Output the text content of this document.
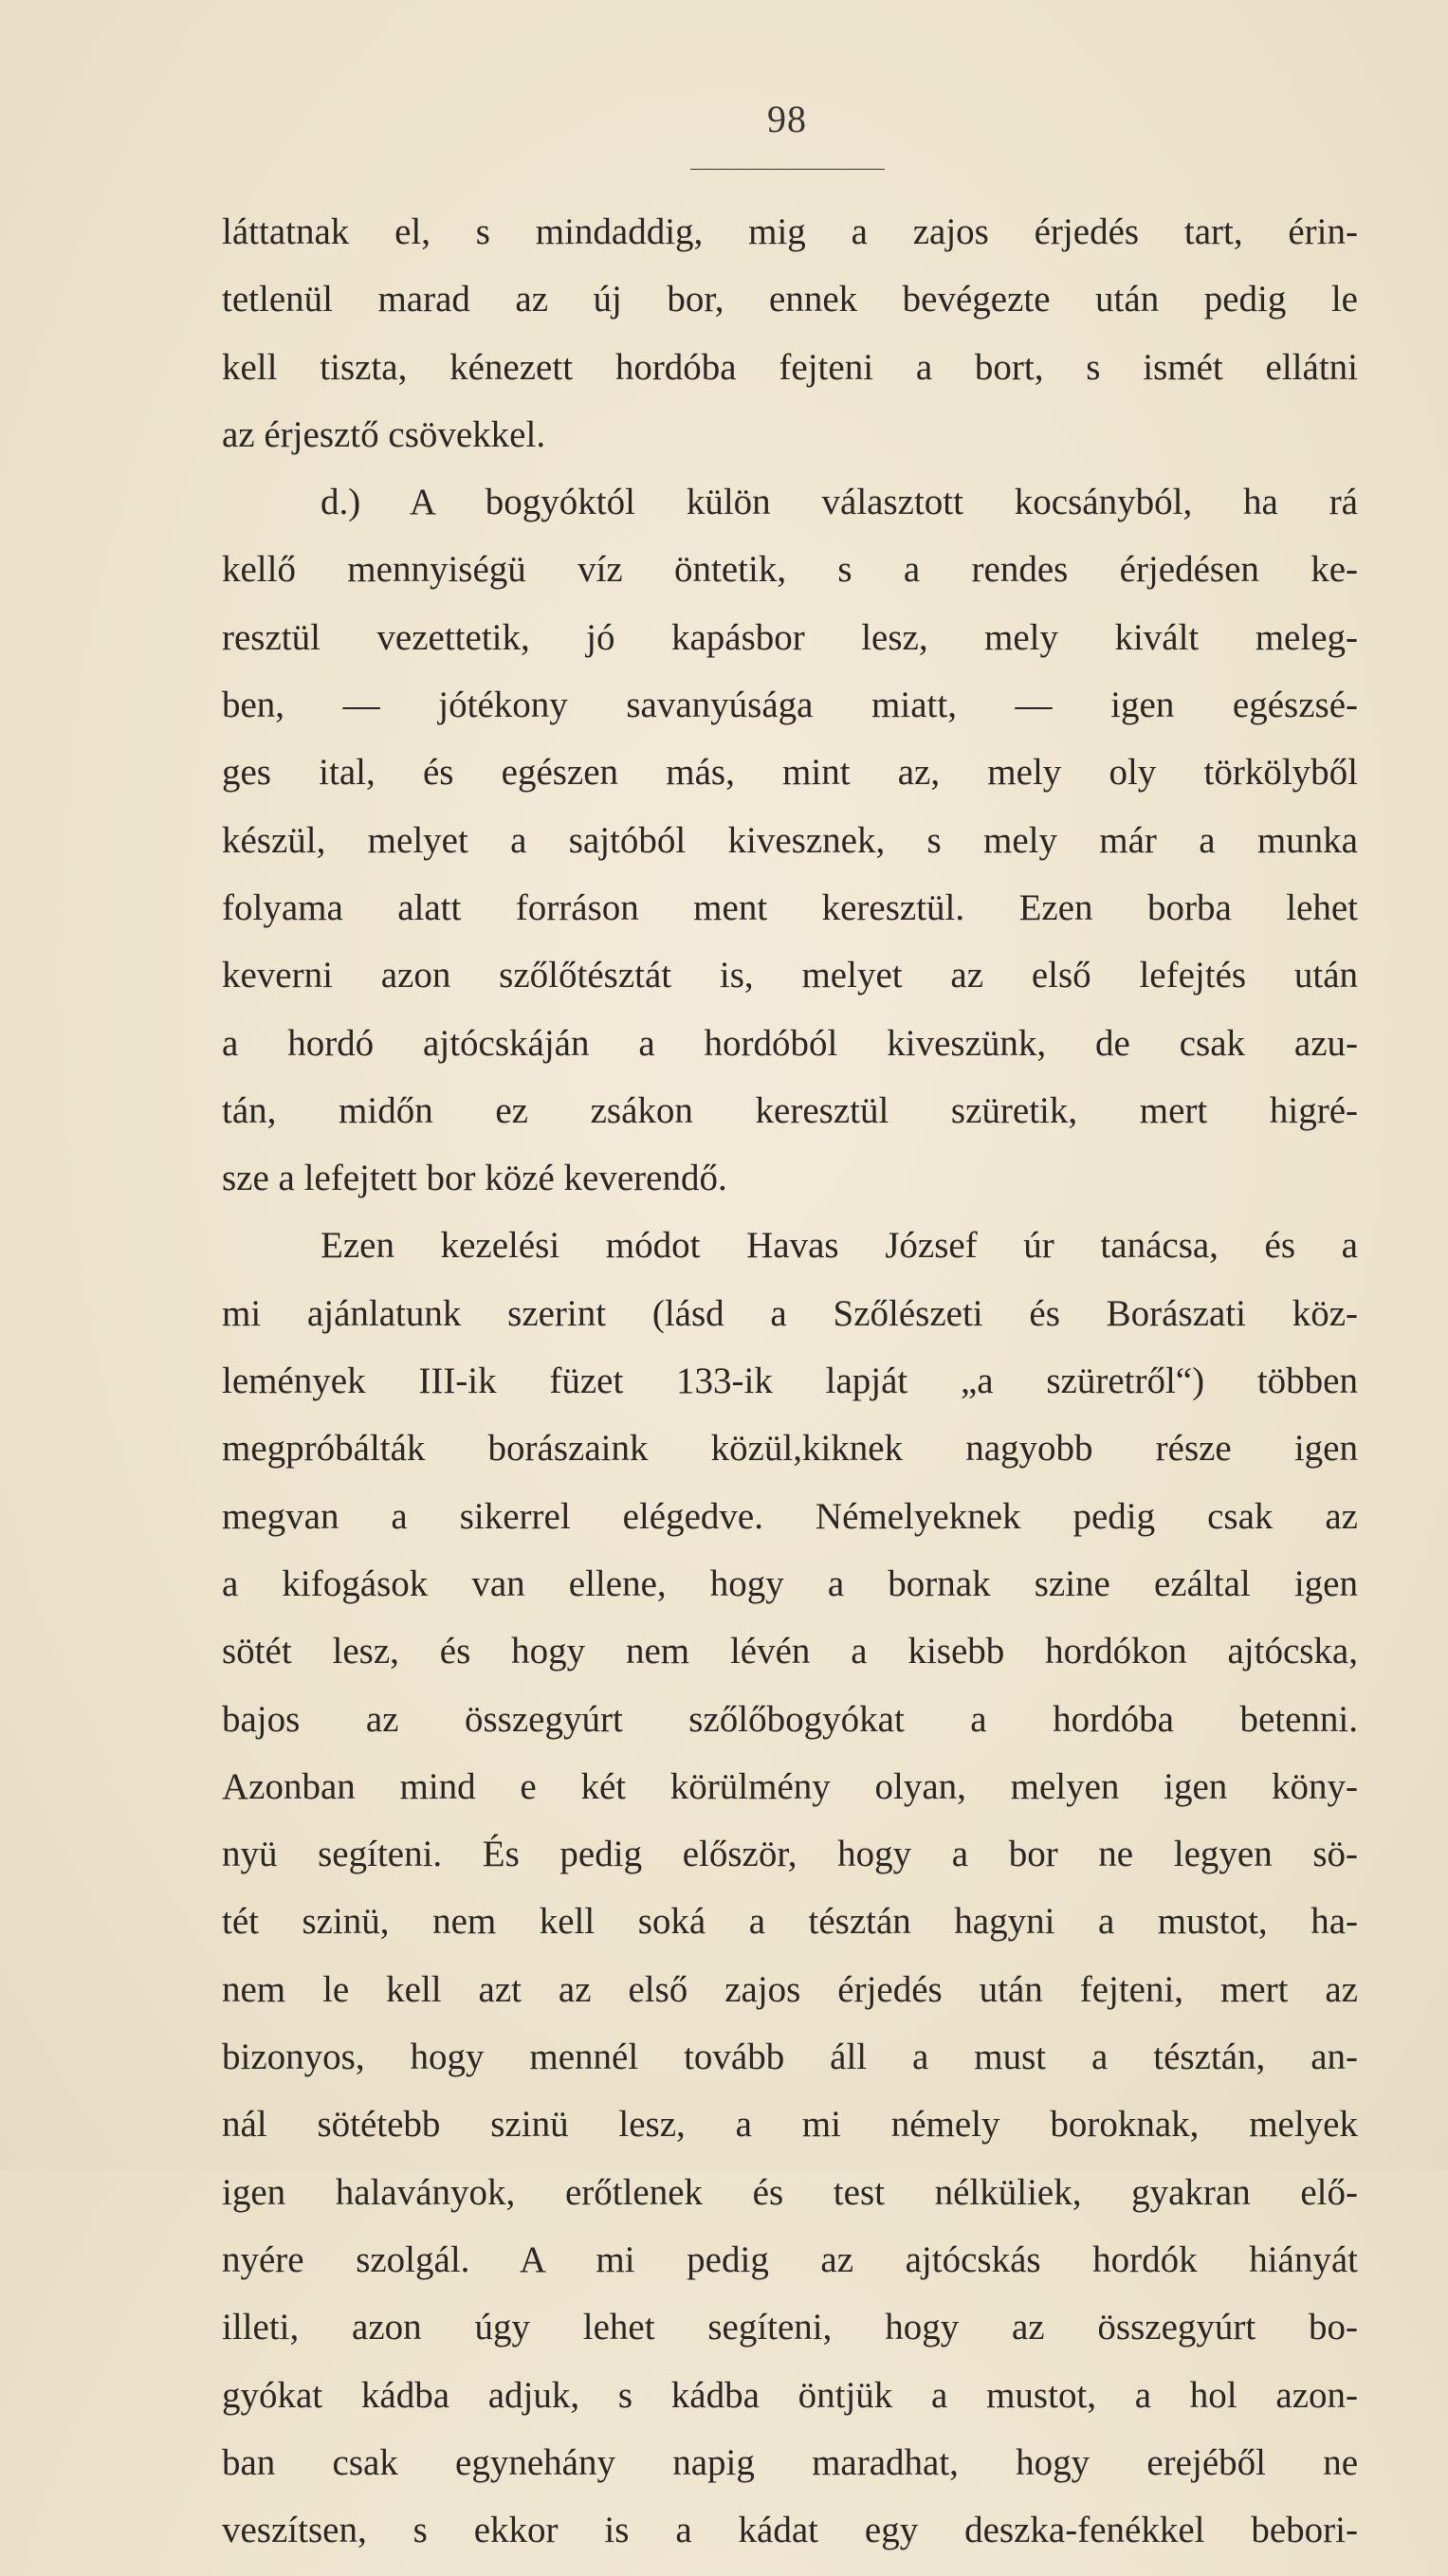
98
láttatnak el, s mindaddig, mig a zajos érjedés tart, érin-
tetlenül marad az új bor, ennek bevégezte után pedig le
kell tiszta, kénezett hordóba fejteni a bort, s ismét ellátni
az érjesztő csövekkel.
d.) A bogyóktól külön választott kocsányból, ha rá
kellő mennyiségü víz öntetik, s a rendes érjedésen ke-
resztül vezettetik, jó kapásbor lesz, mely kivált meleg-
ben, — jótékony savanyúsága miatt, — igen egészsé-
ges ital, és egészen más, mint az, mely oly törkölyből
készül, melyet a sajtóból kivesznek, s mely már a munka
folyama alatt forráson ment keresztül. Ezen borba lehet
keverni azon szőlőtésztát is, melyet az első lefejtés után
a hordó ajtócskáján a hordóból kiveszünk, de csak azu-
tán, midőn ez zsákon keresztül szüretik, mert higré-
sze a lefejtett bor közé keverendő.
Ezen kezelési módot Havas József úr tanácsa, és a
mi ajánlatunk szerint (lásd a Szőlészeti és Borászati köz-
lemények III-ik füzet 133-ik lapját „a szüretről“) többen
megpróbálták borászaink közül,kiknek nagyobb része igen
megvan a sikerrel elégedve. Némelyeknek pedig csak az
a kifogások van ellene, hogy a bornak szine ezáltal igen
sötét lesz, és hogy nem lévén a kisebb hordókon ajtócska,
bajos az összegyúrt szőlőbogyókat a hordóba betenni.
Azonban mind e két körülmény olyan, melyen igen köny-
nyü segíteni. És pedig először, hogy a bor ne legyen sö-
tét szinü, nem kell soká a tésztán hagyni a mustot, ha-
nem le kell azt az első zajos érjedés után fejteni, mert az
bizonyos, hogy mennél tovább áll a must a tésztán, an-
nál sötétebb szinü lesz, a mi némely boroknak, melyek
igen halaványok, erőtlenek és test nélküliek, gyakran elő-
nyére szolgál. A mi pedig az ajtócskás hordók hiányát
illeti, azon úgy lehet segíteni, hogy az összegyúrt bo-
gyókat kádba adjuk, s kádba öntjük a mustot, a hol azon-
ban csak egynehány napig maradhat, hogy erejéből ne
veszítsen, s ekkor is a kádat egy deszka-fenékkel bebori-
